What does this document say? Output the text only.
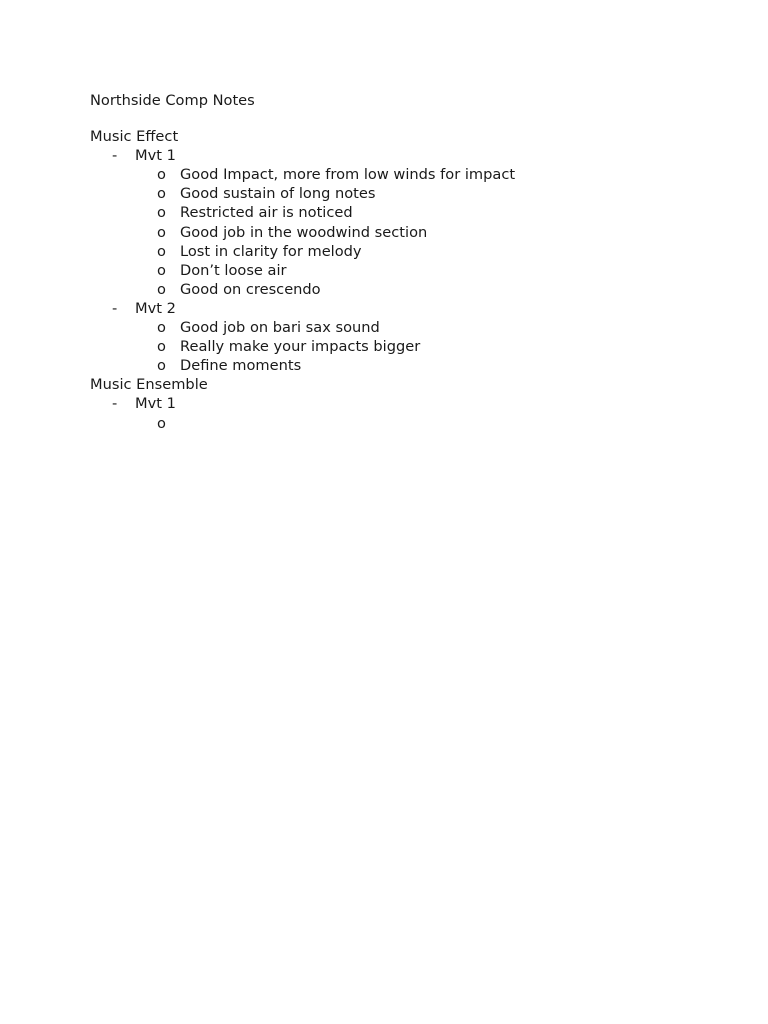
Northside Comp Notes
Music Effect
- Mvt 1
o Good Impact, more from low winds for impact
o Good sustain of long notes
o Restricted air is noticed
o Good job in the woodwind section
o Lost in clarity for melody
o Don’t loose air
o Good on crescendo
- Mvt 2
o Good job on bari sax sound
o Really make your impacts bigger
o Define moments
Music Ensemble
- Mvt 1
o
